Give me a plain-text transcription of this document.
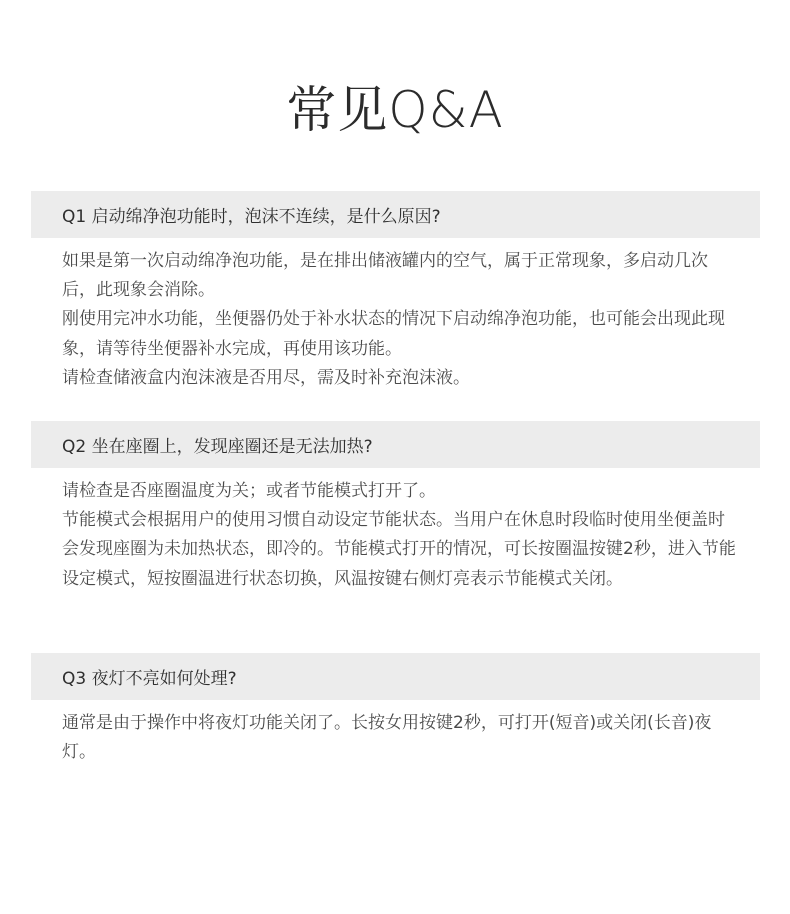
常见Q&A
Q1 启动绵净泡功能时，泡沫不连续，是什么原因?

如果是第一次启动绵净泡功能，是在排出储液罐内的空气，属于正常现象，多启动几次后，此现象会消除。

刚使用完冲水功能，坐便器仍处于补水状态的情况下启动绵净泡功能，也可能会出现此现象，请等待坐便器补水完成，再使用该功能。

请检查储液盒内泡沫液是否用尽，需及时补充泡沫液。

Q2 坐在座圈上，发现座圈还是无法加热?

请检查是否座圈温度为关；或者节能模式打开了。

节能模式会根据用户的使用习惯自动设定节能状态。当用户在休息时段临时使用坐便盖时会发现座圈为未加热状态，即冷的。节能模式打开的情况，可长按圈温按键2秒，进入节能设定模式，短按圈温进行状态切换，风温按键右侧灯亮表示节能模式关闭。

Q3 夜灯不亮如何处理?

通常是由于操作中将夜灯功能关闭了。长按女用按键2秒，可打开(短音)或关闭(长音)夜灯。
